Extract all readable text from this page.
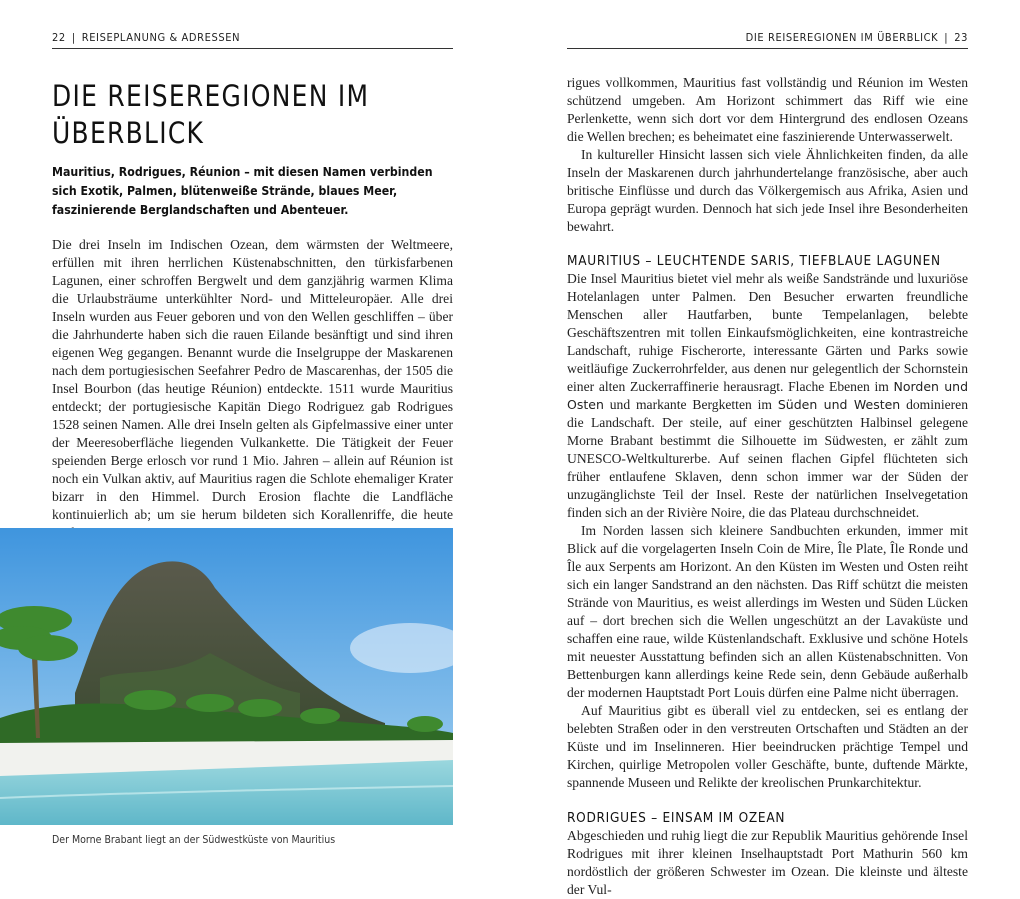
22 | REISEPLANUNG & ADRESSEN
DIE REISEREGIONEN IM
ÜBERBLICK

Mauritius, Rodrigues, Réunion – mit diesen Namen verbinden sich Exotik, Palmen, blütenweiße Strände, blaues Meer, faszinierende Berglandschaften und Abenteuer.

Die drei Inseln im Indischen Ozean, dem wärmsten der Weltmeere, erfüllen mit ihren herrlichen Küstenabschnitten, den türkisfarbenen Lagunen, einer schroffen Bergwelt und dem ganzjährig warmen Klima die Urlaubsträume unterkühlter Nord- und Mitteleuropäer. Alle drei Inseln wurden aus Feuer geboren und von den Wellen geschliffen – über die Jahrhunderte haben sich die rauen Eilande besänftigt und sind ihren eigenen Weg gegangen. Benannt wurde die Inselgruppe der Maskarenen nach dem portugiesischen Seefahrer Pedro de Mascarenhas, der 1505 die Insel Bourbon (das heutige Réunion) entdeckte. 1511 wurde Mauritius entdeckt; der portugiesische Kapitän Diego Rodriguez gab Rodrigues 1528 seinen Namen. Alle drei Inseln gelten als Gipfelmassive einer unter der Meeresoberfläche liegenden Vulkankette. Die Tätigkeit der Feuer speienden Berge erlosch vor rund 1 Mio. Jahren – allein auf Réunion ist noch ein Vulkan aktiv, auf Mauritius ragen die Schlote ehemaliger Krater bizarr in den Himmel. Durch Erosion flachte die Landfläche kontinuierlich ab; um sie herum bildeten sich Korallenriffe, die heute

Der Morne Brabant liegt an der Südwestküste von Mauritius

DIE REISEREGIONEN IM ÜBERBLICK | 23

rigues vollkommen, Mauritius fast vollständig und Réunion im Westen schützend umgeben. Am Horizont schimmert das Riff wie eine Perlenkette, wenn sich dort vor dem Hintergrund des endlosen Ozeans die Wellen brechen; es beheimatet eine faszinierende Unterwasserwelt.

In kultureller Hinsicht lassen sich viele Ähnlichkeiten finden, da alle Inseln der Maskarenen durch jahrhundertelange französische, aber auch britische Einflüsse und durch das Völkergemisch aus Afrika, Asien und Europa geprägt wurden. Dennoch hat sich jede Insel ihre Besonderheiten bewahrt.

MAURITIUS – LEUCHTENDE SARIS, TIEFBLAUE LAGUNEN

Die Insel Mauritius bietet viel mehr als weiße Sandstrände und luxuriöse Hotelanlagen unter Palmen. Den Besucher erwarten freundliche Menschen aller Hautfarben, bunte Tempelanlagen, belebte Geschäftszentren mit tollen Einkaufsmöglichkeiten, eine kontrastreiche Landschaft, ruhige Fischerorte, interessante Gärten und Parks sowie weitläufige Zuckerrohrfelder, aus denen nur gelegentlich der Schornstein einer alten Zuckerraffinerie herausragt. Flache Ebenen im Norden und Osten und markante Bergketten im Süden und Westen dominieren die Landschaft. Der steile, auf einer geschützten Halbinsel gelegene Morne Brabant bestimmt die Silhouette im Südwesten, er zählt zum UNESCO-Weltkulturerbe. Auf seinen flachen Gipfel flüchteten sich früher entlaufene Sklaven, denn schon immer war der Süden der unzugänglichste Teil der Insel. Reste der natürlichen Inselvegetation finden sich an der Rivière Noire, die das Plateau durchschneidet.

Im Norden lassen sich kleinere Sandbuchten erkunden, immer mit Blick auf die vorgelagerten Inseln Coin de Mire, Île Plate, Île Ronde und Île aux Serpents am Horizont. An den Küsten im Westen und Osten reiht sich ein langer Sandstrand an den nächsten. Das Riff schützt die meisten Strände von Mauritius, es weist allerdings im Westen und Süden Lücken auf – dort brechen sich die Wellen ungeschützt an der Lavaküste und schaffen eine raue, wilde Küstenlandschaft. Exklusive und schöne Hotels mit neuester Ausstattung befinden sich an allen Küstenabschnitten. Von Bettenburgen kann allerdings keine Rede sein, denn Gebäude außerhalb der modernen Hauptstadt Port Louis dürfen eine Palme nicht überragen.

Auf Mauritius gibt es überall viel zu entdecken, sei es entlang der belebten Straßen oder in den verstreuten Ortschaften und Städten an der Küste und im Inselinneren. Hier beeindrucken prächtige Tempel und Kirchen, quirlige Metropolen voller Geschäfte, bunte, duftende Märkte, spannende Museen und Relikte der kreolischen Prunkarchitektur.

RODRIGUES – EINSAM IM OZEAN

Abgeschieden und ruhig liegt die zur Republik Mauritius gehörende Insel Rodrigues mit ihrer kleinen Inselhauptstadt Port Mathurin 560 km nordöstlich der größeren Schwester im Ozean. Die kleinste und älteste der Vul-
